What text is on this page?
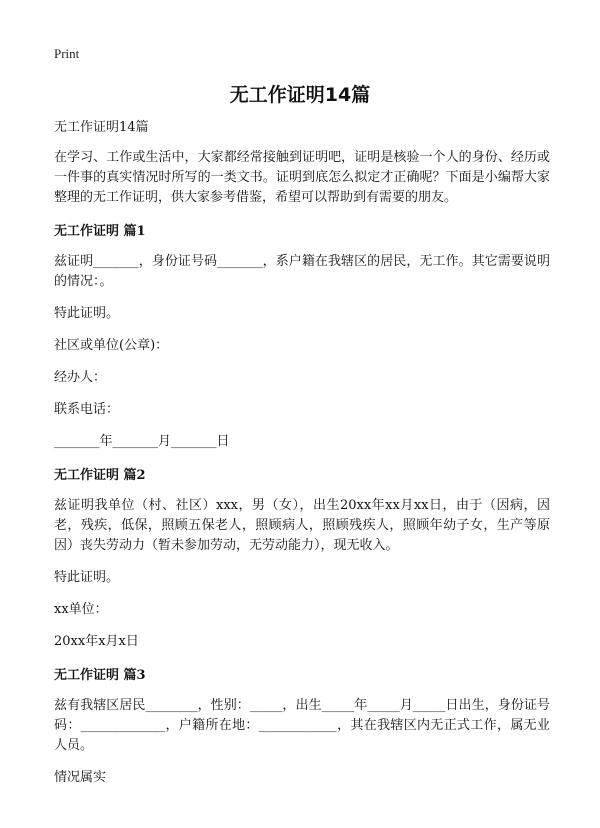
Print
无工作证明14篇

无工作证明14篇

在学习、工作或生活中，大家都经常接触到证明吧，证明是核验一个人的身份、经历或一件事的真实情况时所写的一类文书。证明到底怎么拟定才正确呢？下面是小编帮大家整理的无工作证明，供大家参考借鉴，希望可以帮助到有需要的朋友。

无工作证明 篇1

兹证明_______，身份证号码_______，系户籍在我辖区的居民，无工作。其它需要说明的情况：。

特此证明。

社区或单位(公章)：

经办人：

联系电话：

_______年_______月_______日

无工作证明 篇2

兹证明我单位（村、社区）xxx，男（女），出生20xx年xx月xx日，由于（因病，因老，残疾，低保，照顾五保老人，照顾病人，照顾残疾人，照顾年幼子女，生产等原因）丧失劳动力（暂未参加劳动，无劳动能力），现无收入。

特此证明。

xx单位：

20xx年x月x日

无工作证明 篇3

兹有我辖区居民________，性别：_____，出生_____年_____月_____日出生，身份证号码：_____________，户籍所在地：____________，其在我辖区内无正式工作，属无业人员。

情况属实
